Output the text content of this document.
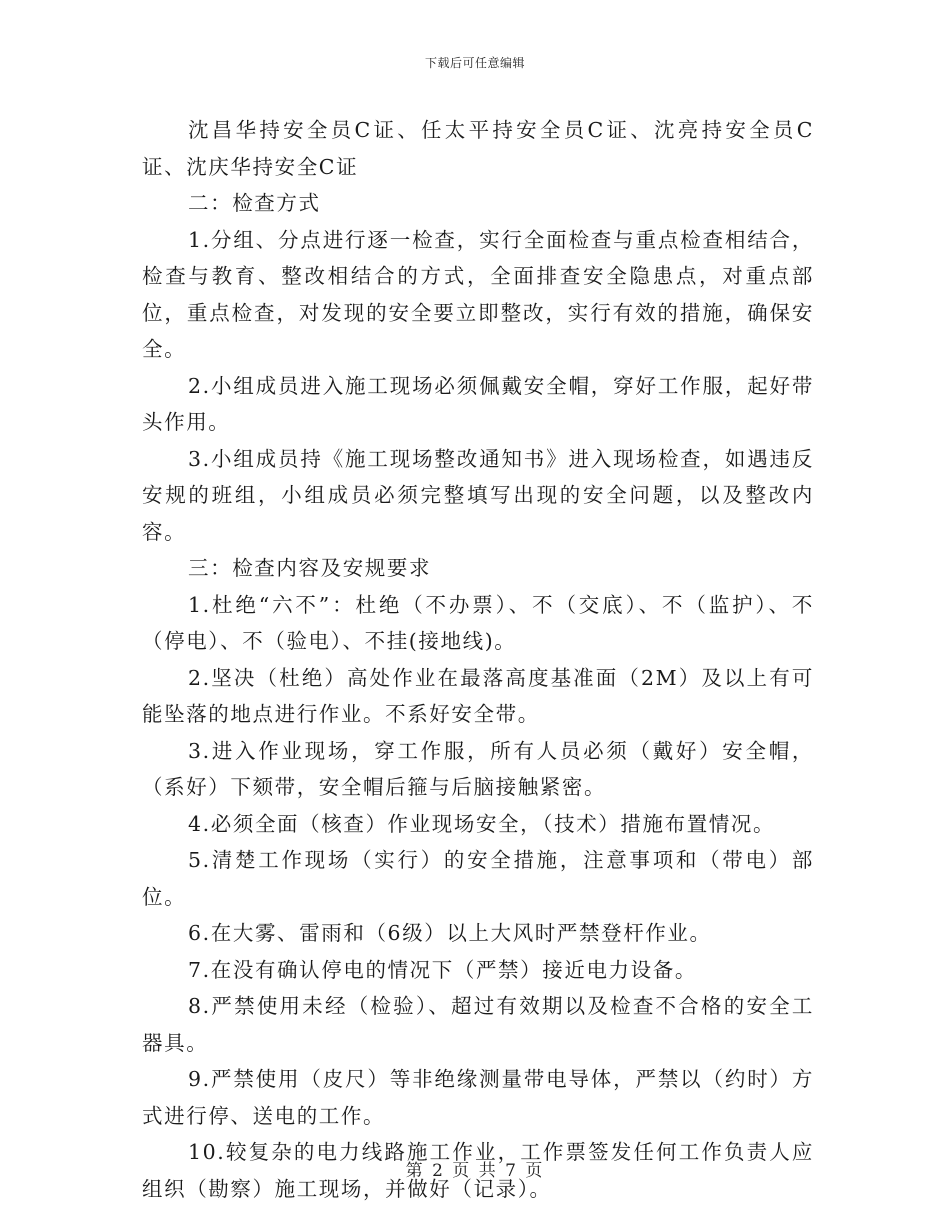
下载后可任意编辑

沈昌华持安全员C证、任太平持安全员C证、沈亮持安全员C证、沈庆华持安全C证

二：检查方式

1.分组、分点进行逐一检查，实行全面检查与重点检查相结合，检查与教育、整改相结合的方式，全面排查安全隐患点，对重点部位，重点检查，对发现的安全要立即整改，实行有效的措施，确保安全。

2.小组成员进入施工现场必须佩戴安全帽，穿好工作服，起好带头作用。

3.小组成员持《施工现场整改通知书》进入现场检查，如遇违反安规的班组，小组成员必须完整填写出现的安全问题，以及整改内容。

三：检查内容及安规要求

1.杜绝“六不”：杜绝（不办票）、不（交底）、不（监护）、不（停电）、不（验电）、不挂(接地线)。

2.坚决（杜绝）高处作业在最落高度基准面（2M）及以上有可能坠落的地点进行作业。不系好安全带。

3.进入作业现场，穿工作服，所有人员必须（戴好）安全帽，（系好）下颏带，安全帽后箍与后脑接触紧密。

4.必须全面（核查）作业现场安全，（技术）措施布置情况。

5.清楚工作现场（实行）的安全措施，注意事项和（带电）部位。

6.在大雾、雷雨和（6级）以上大风时严禁登杆作业。

7.在没有确认停电的情况下（严禁）接近电力设备。

8.严禁使用未经（检验）、超过有效期以及检查不合格的安全工器具。

9.严禁使用（皮尺）等非绝缘测量带电导体，严禁以（约时）方式进行停、送电的工作。

10.较复杂的电力线路施工作业，工作票签发任何工作负责人应组织（勘察）施工现场，并做好（记录）。

第 2 页 共 7 页
